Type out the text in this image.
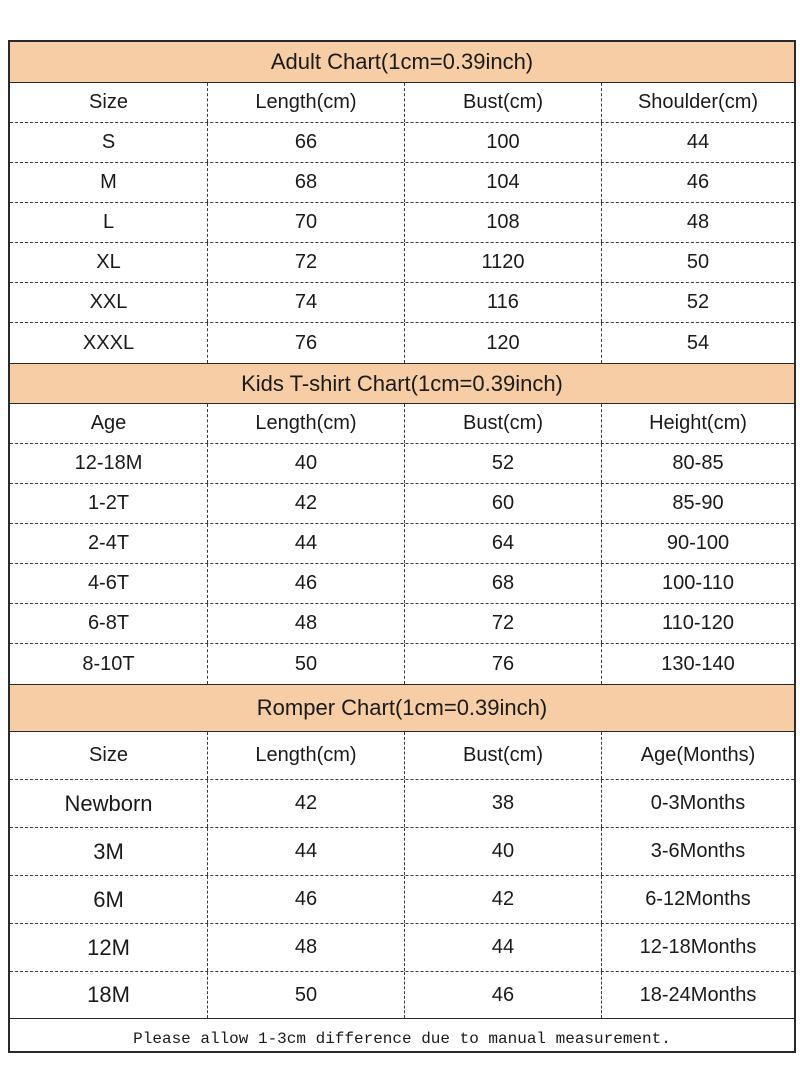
Adult Chart(1cm=0.39inch)
Size	Length(cm)	Bust(cm)	Shoulder(cm)
S	66	100	44
M	68	104	46
L	70	108	48
XL	72	1120	50
XXL	74	116	52
XXXL	76	120	54
Kids T-shirt Chart(1cm=0.39inch)
Age	Length(cm)	Bust(cm)	Height(cm)
12-18M	40	52	80-85
1-2T	42	60	85-90
2-4T	44	64	90-100
4-6T	46	68	100-110
6-8T	48	72	110-120
8-10T	50	76	130-140
Romper Chart(1cm=0.39inch)
Size	Length(cm)	Bust(cm)	Age(Months)
Newborn	42	38	0-3Months
3M	44	40	3-6Months
6M	46	42	6-12Months
12M	48	44	12-18Months
18M	50	46	18-24Months
Please allow 1-3cm difference due to manual measurement.
